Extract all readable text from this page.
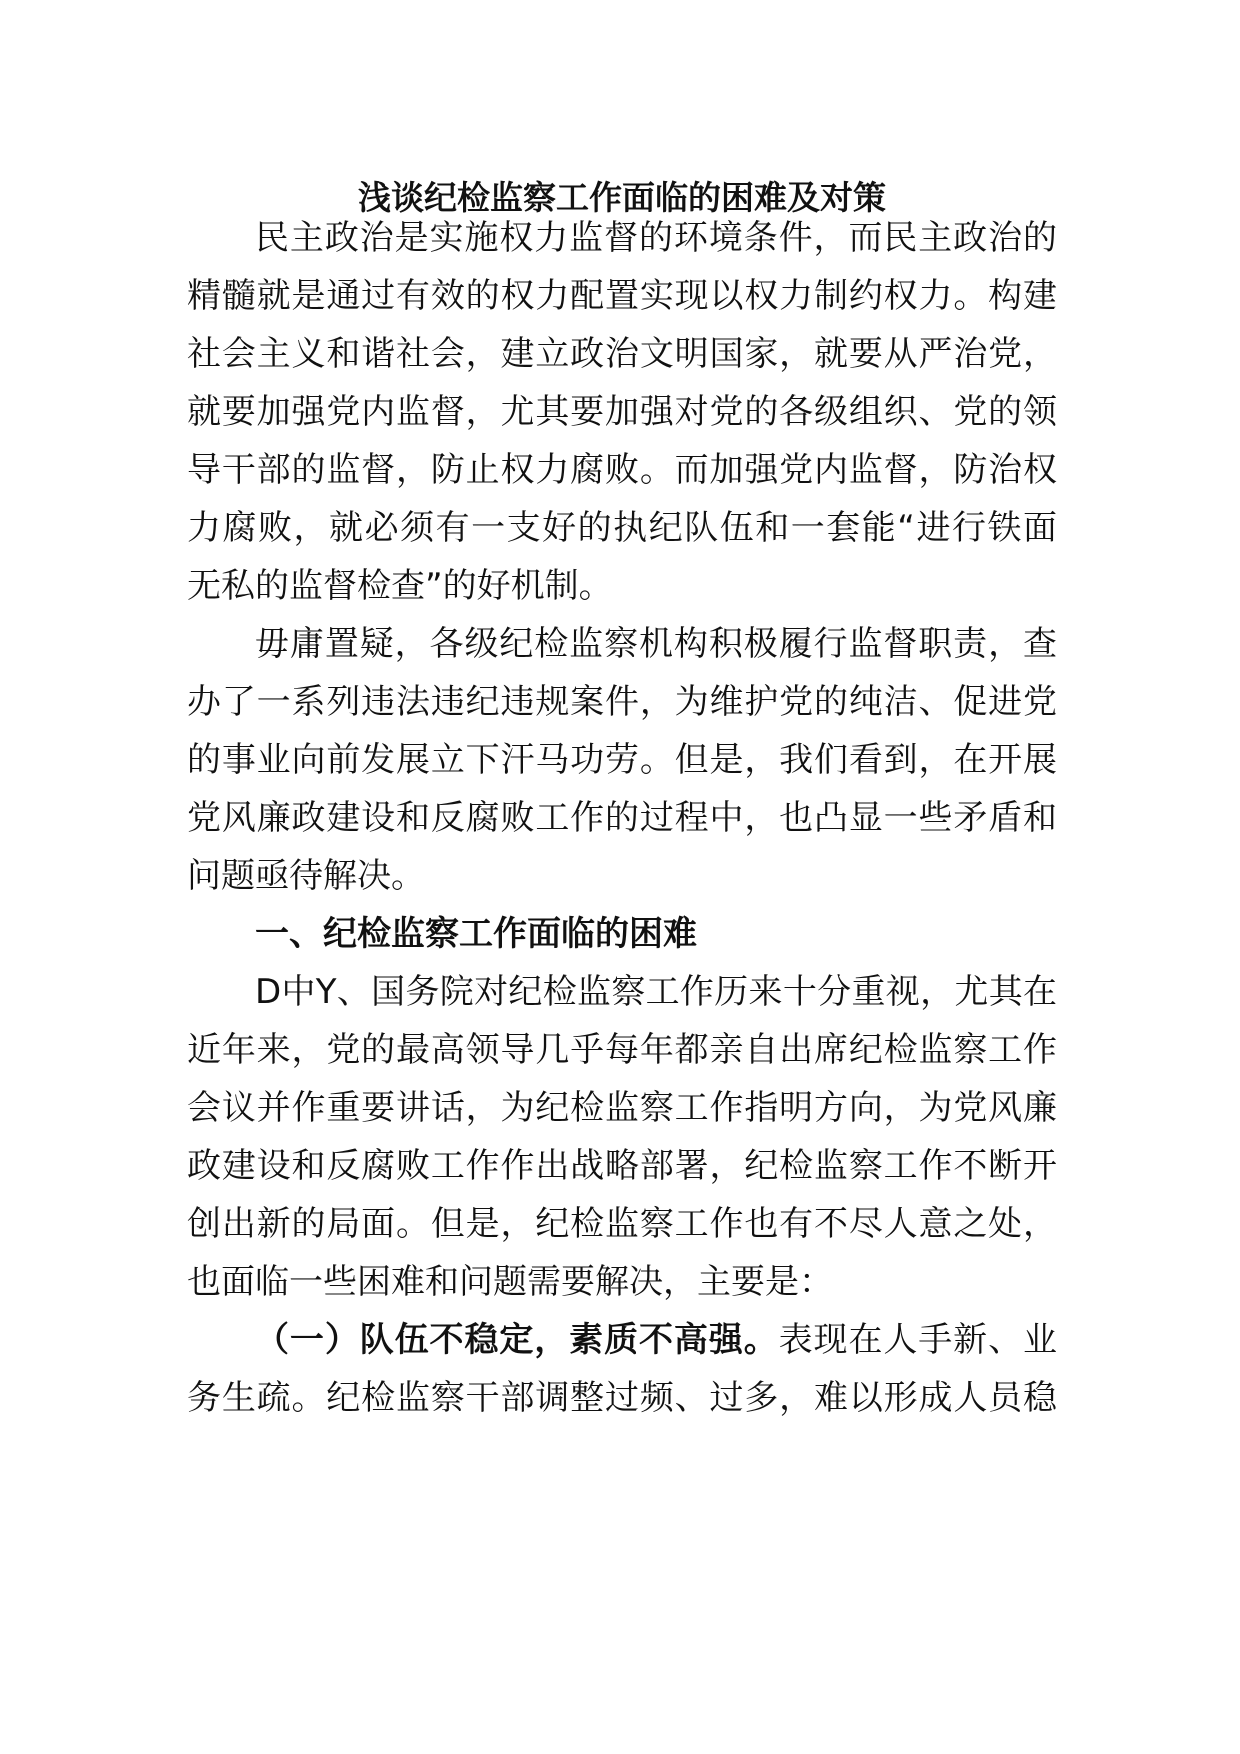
浅谈纪检监察工作面临的困难及对策

民主政治是实施权力监督的环境条件，而民主政治的

精髓就是通过有效的权力配置实现以权力制约权力。构建

社会主义和谐社会，建立政治文明国家，就要从严治党，

就要加强党内监督，尤其要加强对党的各级组织、党的领

导干部的监督，防止权力腐败。而加强党内监督，防治权

力腐败，就必须有一支好的执纪队伍和一套能“进行铁面

无私的监督检查”的好机制。

毋庸置疑，各级纪检监察机构积极履行监督职责，查

办了一系列违法违纪违规案件，为维护党的纯洁、促进党

的事业向前发展立下汗马功劳。但是，我们看到，在开展

党风廉政建设和反腐败工作的过程中，也凸显一些矛盾和

问题亟待解决。

一、纪检监察工作面临的困难

D中Y、国务院对纪检监察工作历来十分重视，尤其在

近年来，党的最高领导几乎每年都亲自出席纪检监察工作

会议并作重要讲话，为纪检监察工作指明方向，为党风廉

政建设和反腐败工作作出战略部署，纪检监察工作不断开

创出新的局面。但是，纪检监察工作也有不尽人意之处，

也面临一些困难和问题需要解决，主要是：

（一）队伍不稳定，素质不高强。表现在人手新、业

务生疏。纪检监察干部调整过频、过多，难以形成人员稳
